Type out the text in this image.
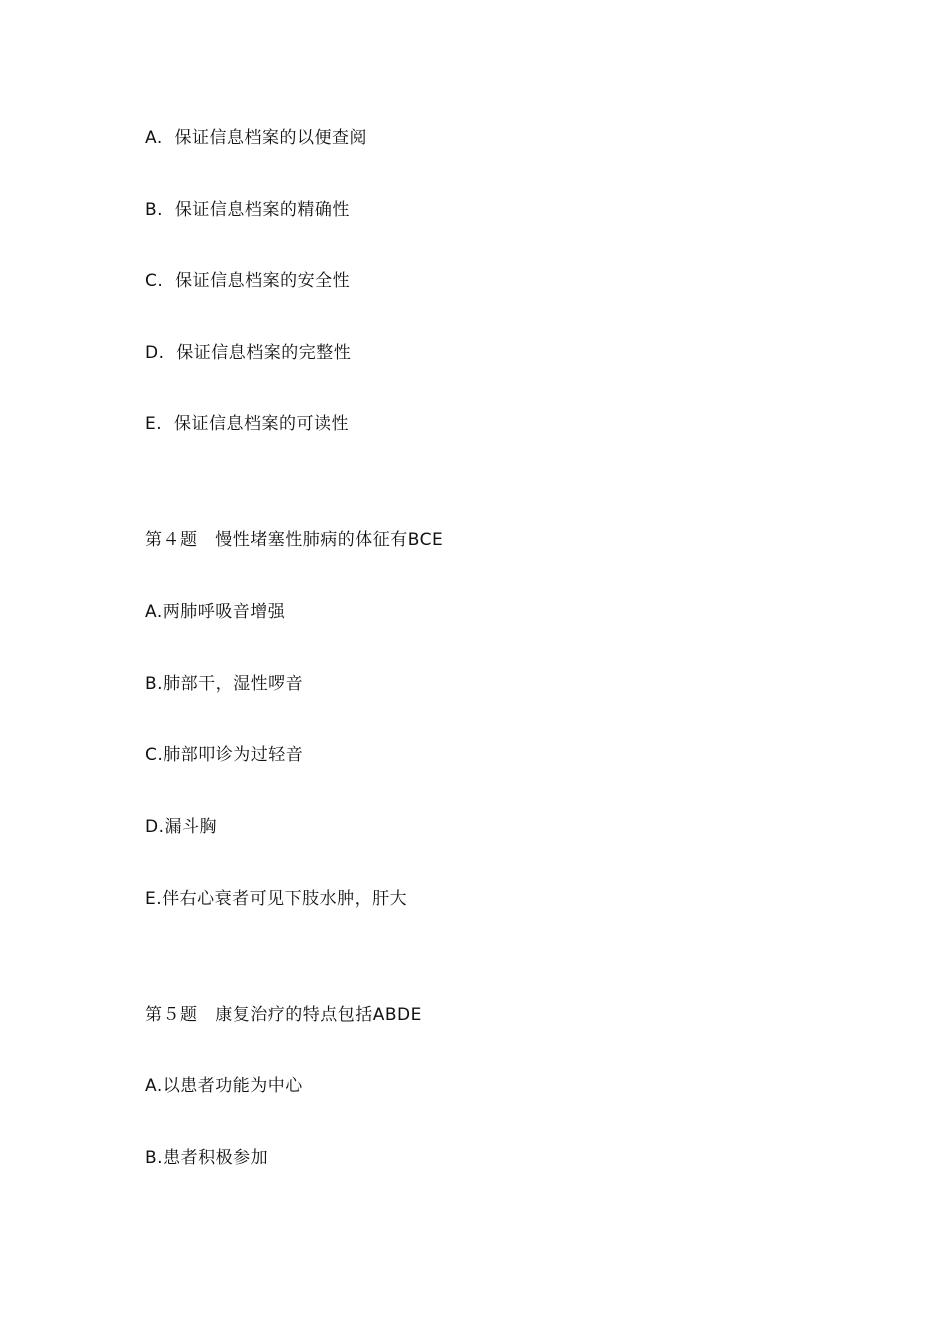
A.  保证信息档案的以便查阅
B.  保证信息档案的精确性
C.  保证信息档案的安全性
D.  保证信息档案的完整性
E.  保证信息档案的可读性
第４题   慢性堵塞性肺病的体征有BCE
A.两肺呼吸音增强
B.肺部干，湿性啰音
C.肺部叩诊为过轻音
D.漏斗胸
E.伴右心衰者可见下肢水肿，肝大
第５题   康复治疗的特点包括ABDE
A.以患者功能为中心
B.患者积极参加
